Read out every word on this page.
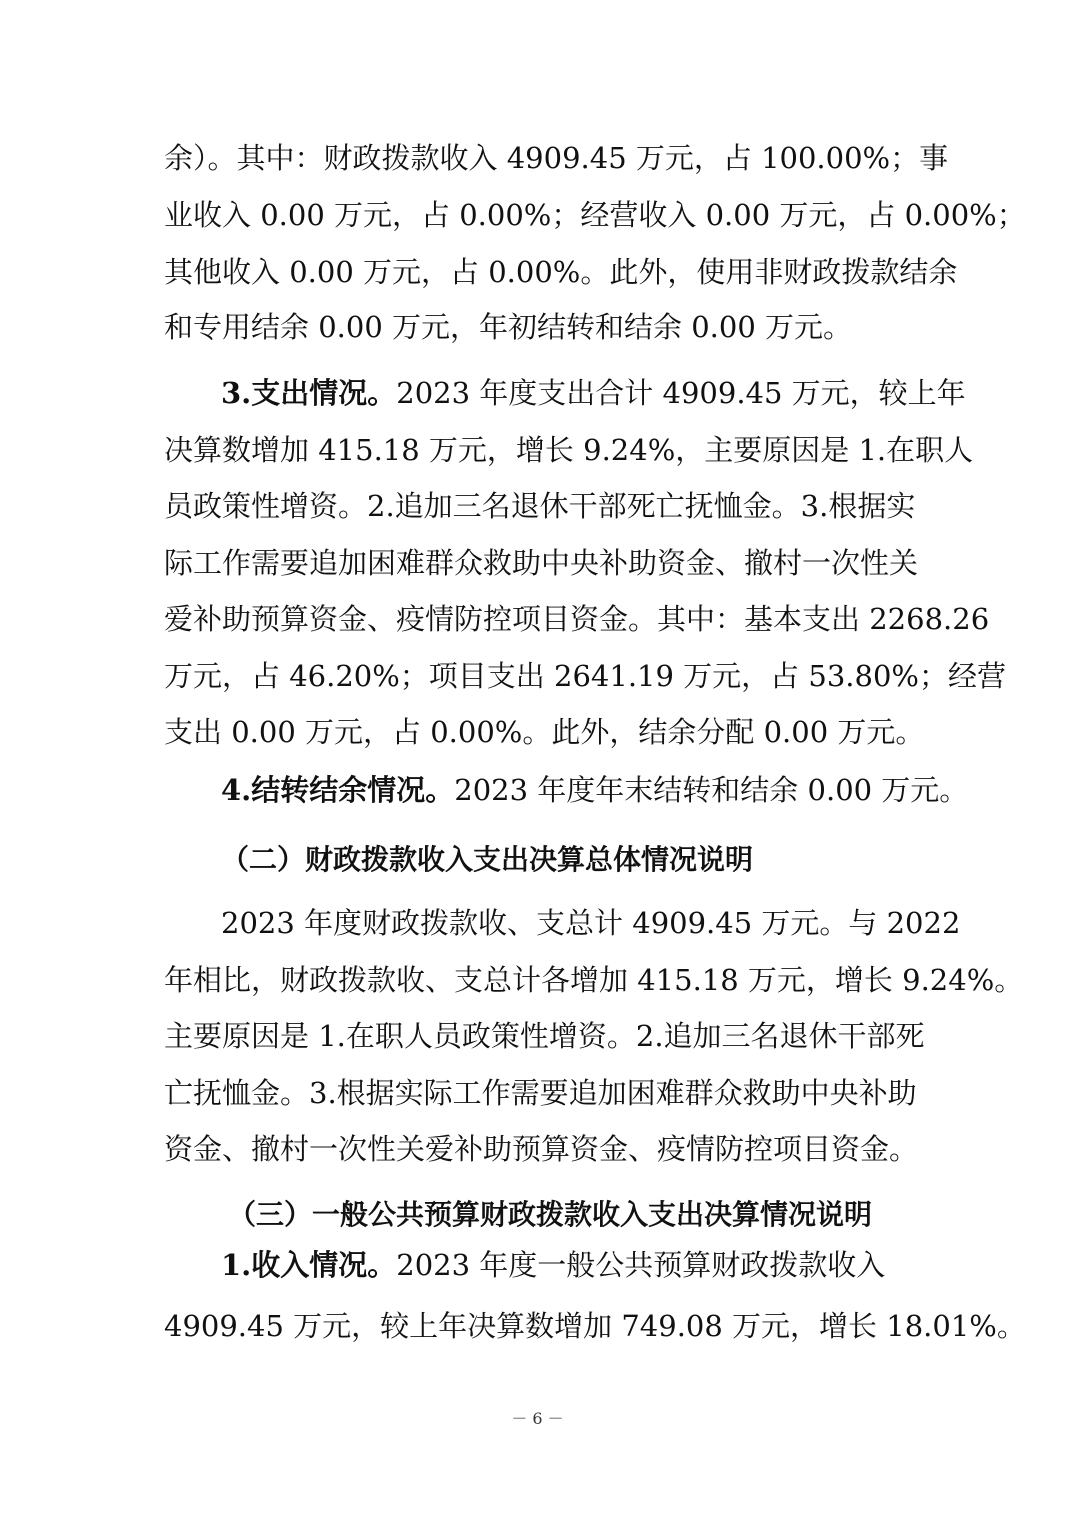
余）。其中：财政拨款收入 4909.45 万元，占 100.00%；事
业收入 0.00 万元，占 0.00%；经营收入 0.00 万元，占 0.00%；
其他收入 0.00 万元，占 0.00%。此外，使用非财政拨款结余
和专用结余 0.00 万元，年初结转和结余 0.00 万元。
3.支出情况。2023 年度支出合计 4909.45 万元，较上年
决算数增加 415.18 万元，增长 9.24%，主要原因是 1.在职人
员政策性增资。2.追加三名退休干部死亡抚恤金。3.根据实
际工作需要追加困难群众救助中央补助资金、撤村一次性关
爱补助预算资金、疫情防控项目资金。其中：基本支出 2268.26
万元，占 46.20%；项目支出 2641.19 万元，占 53.80%；经营
支出 0.00 万元，占 0.00%。此外，结余分配 0.00 万元。
4.结转结余情况。2023 年度年末结转和结余 0.00 万元。
（二）财政拨款收入支出决算总体情况说明
2023 年度财政拨款收、支总计 4909.45 万元。与 2022
年相比，财政拨款收、支总计各增加 415.18 万元，增长 9.24%。
主要原因是 1.在职人员政策性增资。2.追加三名退休干部死
亡抚恤金。3.根据实际工作需要追加困难群众救助中央补助
资金、撤村一次性关爱补助预算资金、疫情防控项目资金。
（三）一般公共预算财政拨款收入支出决算情况说明
1.收入情况。2023 年度一般公共预算财政拨款收入
4909.45 万元，较上年决算数增加 749.08 万元，增长 18.01%。
－ 6 －
